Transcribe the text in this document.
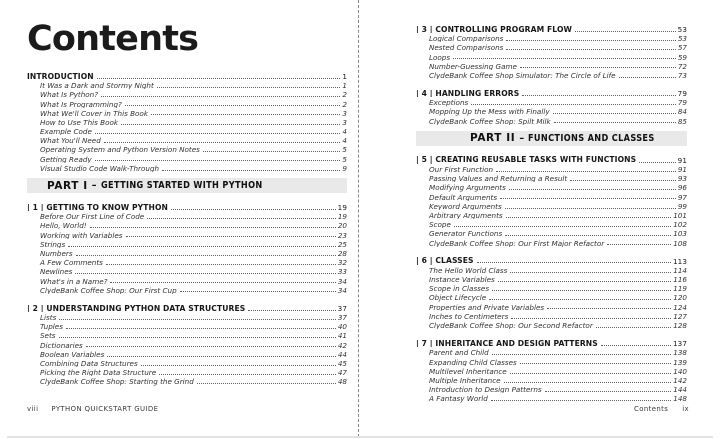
Contents
INTRODUCTION	1
It Was a Dark and Stormy Night	1
What Is Python?	2
What Is Programming?	2
What We'll Cover in This Book	3
How to Use This Book	3
Example Code	4
What You'll Need	4
Operating System and Python Version Notes	5
Getting Ready	5
Visual Studio Code Walk-Through	9
PART I – GETTING STARTED WITH PYTHON
| 1 | GETTING TO KNOW PYTHON	19
Before Our First Line of Code	19
Hello, World!	20
Working with Variables	23
Strings	25
Numbers	28
A Few Comments	32
Newlines	33
What's in a Name?	34
ClydeBank Coffee Shop: Our First Cup	34
| 2 | UNDERSTANDING PYTHON DATA STRUCTURES	37
Lists	37
Tuples	40
Sets	41
Dictionaries	42
Boolean Variables	44
Combining Data Structures	45
Picking the Right Data Structure	47
ClydeBank Coffee Shop: Starting the Grind	48
viii PYTHON QUICKSTART GUIDE
| 3 | CONTROLLING PROGRAM FLOW	53
Logical Comparisons	53
Nested Comparisons	57
Loops	59
Number-Guessing Game	72
ClydeBank Coffee Shop Simulator: The Circle of Life	73
| 4 | HANDLING ERRORS	79
Exceptions	79
Mopping Up the Mess with Finally	84
ClydeBank Coffee Shop: Spilt Milk	85
PART II – FUNCTIONS AND CLASSES
| 5 | CREATING REUSABLE TASKS WITH FUNCTIONS	91
Our First Function	91
Passing Values and Returning a Result	93
Modifying Arguments	96
Default Arguments	97
Keyword Arguments	99
Arbitrary Arguments	101
Scope	102
Generator Functions	103
ClydeBank Coffee Shop: Our First Major Refactor	108
| 6 | CLASSES	113
The Hello World Class	114
Instance Variables	116
Scope in Classes	119
Object Lifecycle	120
Properties and Private Variables	124
Inches to Centimeters	127
ClydeBank Coffee Shop: Our Second Refactor	128
| 7 | INHERITANCE AND DESIGN PATTERNS	137
Parent and Child	138
Expanding Child Classes	139
Multilevel Inheritance	140
Multiple Inheritance	142
Introduction to Design Patterns	144
A Fantasy World	148
Contents ix
